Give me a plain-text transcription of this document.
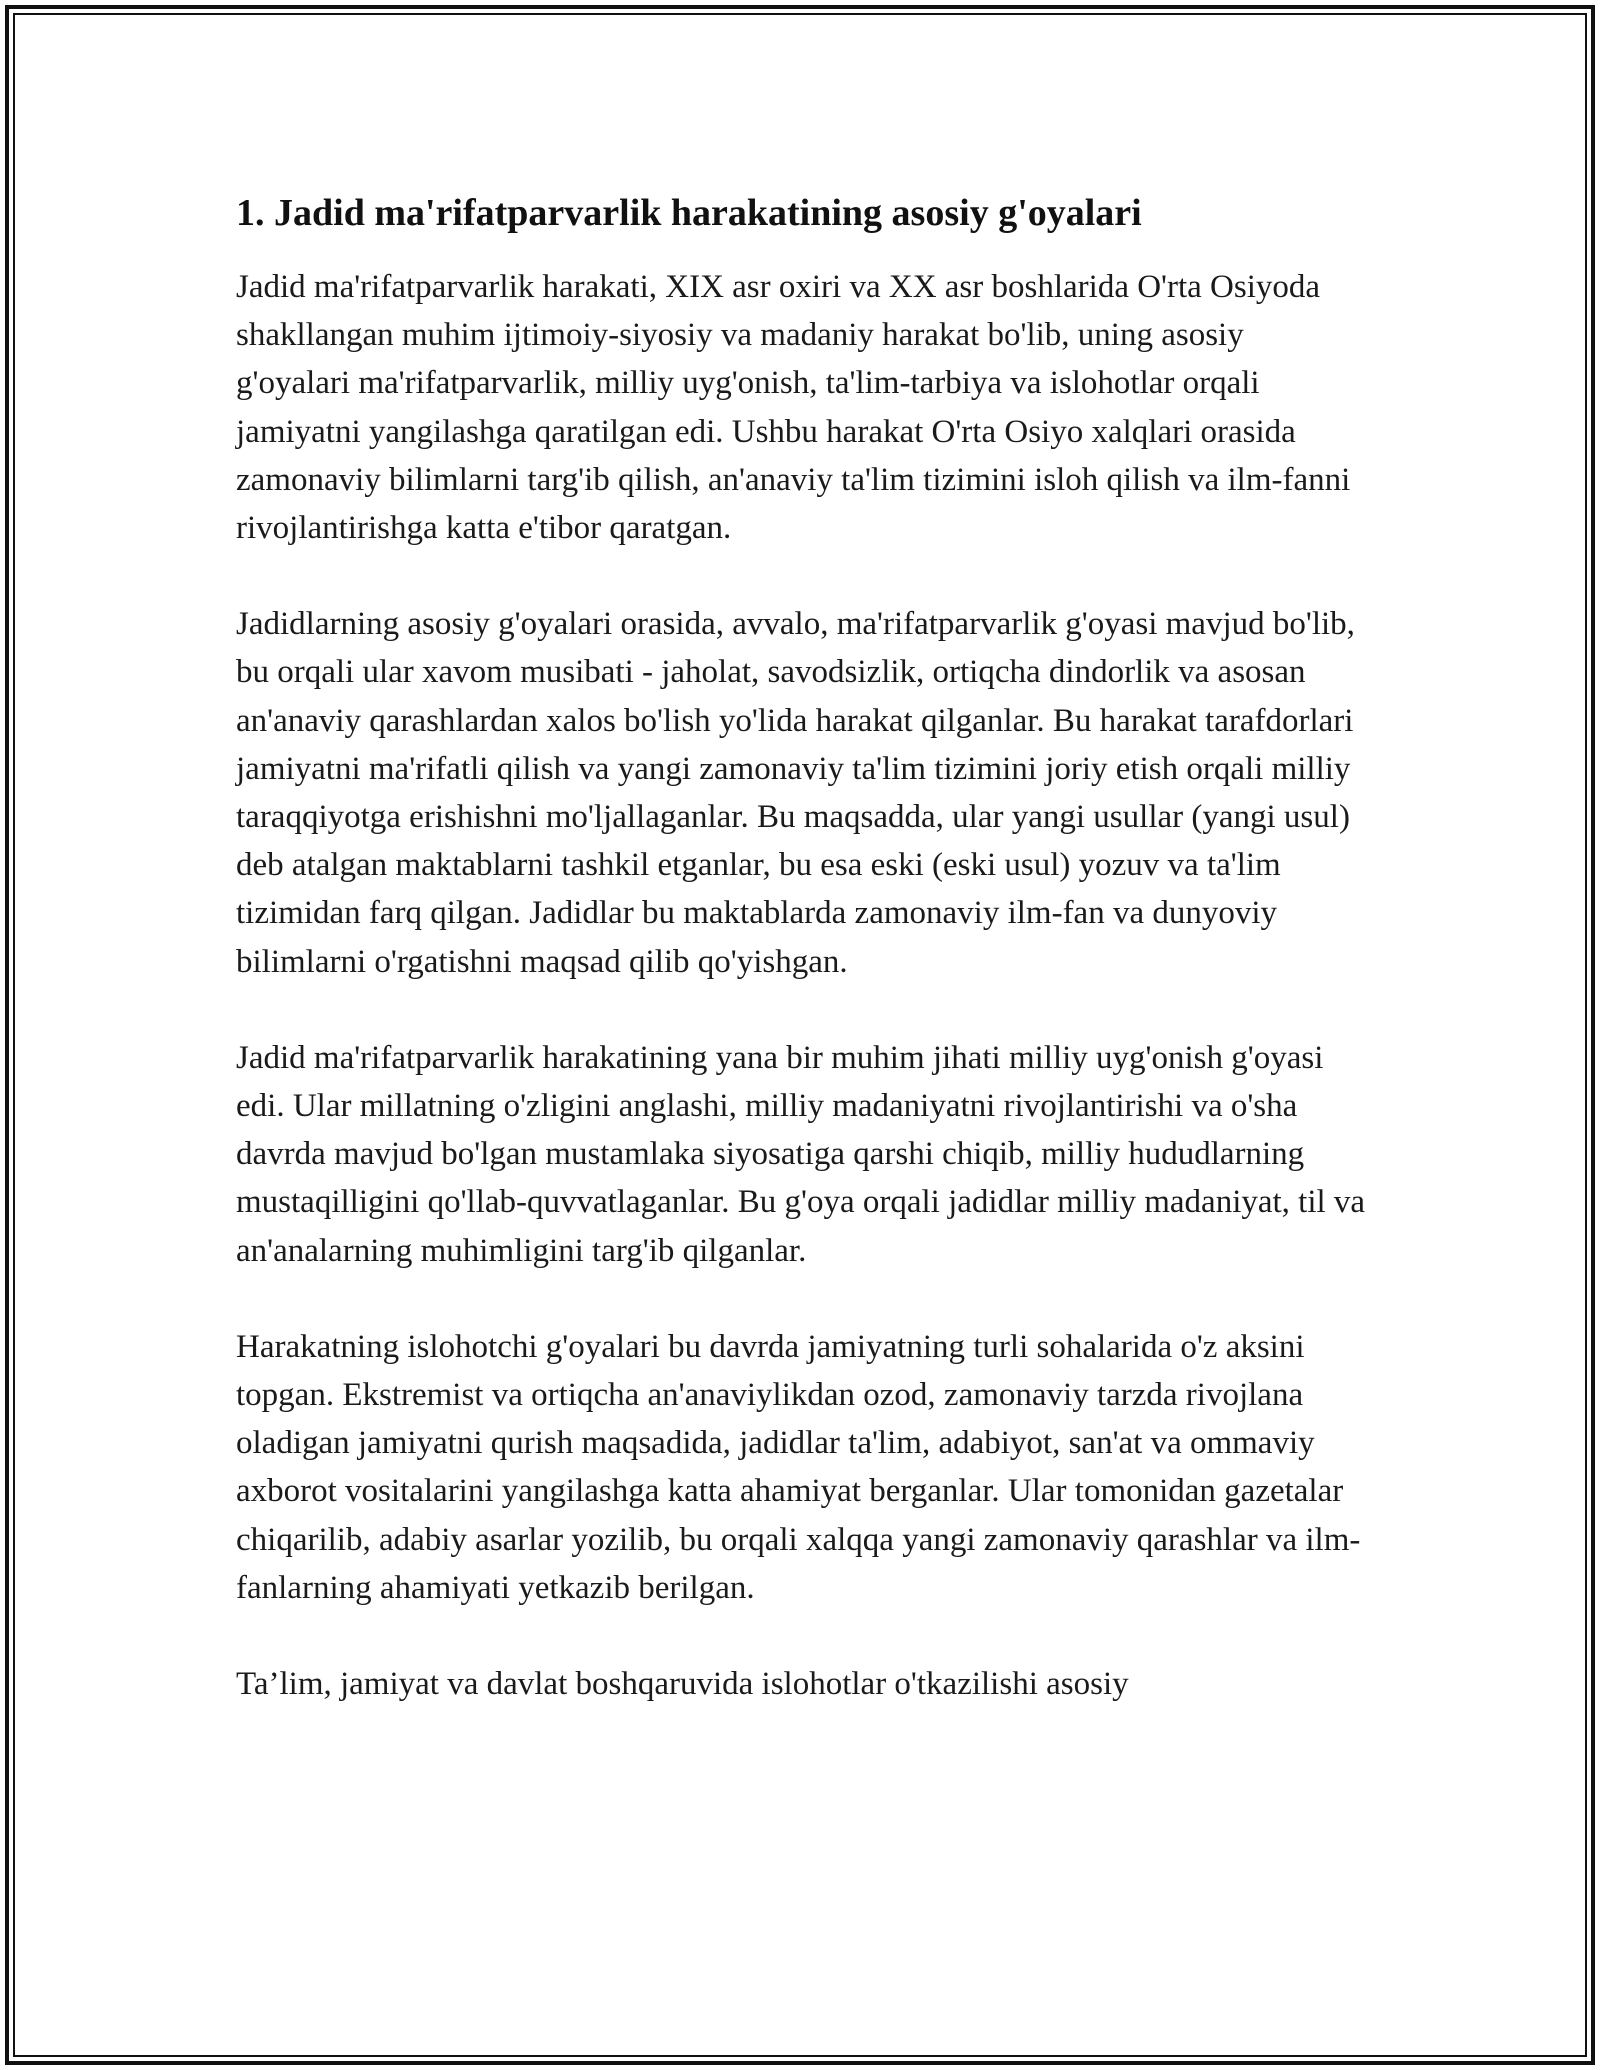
1. Jadid ma'rifatparvarlik harakatining asosiy g'oyalari

Jadid ma'rifatparvarlik harakati, XIX asr oxiri va XX asr boshlarida O'rta Osiyoda shakllangan muhim ijtimoiy-siyosiy va madaniy harakat bo'lib, uning asosiy g'oyalari ma'rifatparvarlik, milliy uyg'onish, ta'lim-tarbiya va islohotlar orqali jamiyatni yangilashga qaratilgan edi. Ushbu harakat O'rta Osiyo xalqlari orasida zamonaviy bilimlarni targ'ib qilish, an'anaviy ta'lim tizimini isloh qilish va ilm-fanni rivojlantirishga katta e'tibor qaratgan.

Jadidlarning asosiy g'oyalari orasida, avvalo, ma'rifatparvarlik g'oyasi mavjud bo'lib, bu orqali ular xavom musibati - jaholat, savodsizlik, ortiqcha dindorlik va asosan an'anaviy qarashlardan xalos bo'lish yo'lida harakat qilganlar. Bu harakat tarafdorlari jamiyatni ma'rifatli qilish va yangi zamonaviy ta'lim tizimini joriy etish orqali milliy taraqqiyotga erishishni mo'ljallaganlar. Bu maqsadda, ular yangi usullar (yangi usul) deb atalgan maktablarni tashkil etganlar, bu esa eski (eski usul) yozuv va ta'lim tizimidan farq qilgan. Jadidlar bu maktablarda zamonaviy ilm-fan va dunyoviy bilimlarni o'rgatishni maqsad qilib qo'yishgan.

Jadid ma'rifatparvarlik harakatining yana bir muhim jihati milliy uyg'onish g'oyasi edi. Ular millatning o'zligini anglashi, milliy madaniyatni rivojlantirishi va o'sha davrda mavjud bo'lgan mustamlaka siyosatiga qarshi chiqib, milliy hududlarning mustaqilligini qo'llab-quvvatlaganlar. Bu g'oya orqali jadidlar milliy madaniyat, til va an'analarning muhimligini targ'ib qilganlar.

Harakatning islohotchi g'oyalari bu davrda jamiyatning turli sohalarida o'z aksini topgan. Ekstremist va ortiqcha an'anaviylikdan ozod, zamonaviy tarzda rivojlana oladigan jamiyatni qurish maqsadida, jadidlar ta'lim, adabiyot, san'at va ommaviy axborot vositalarini yangilashga katta ahamiyat berganlar. Ular tomonidan gazetalar chiqarilib, adabiy asarlar yozilib, bu orqali xalqqa yangi zamonaviy qarashlar va ilm-fanlarning ahamiyati yetkazib berilgan.

Ta’lim, jamiyat va davlat boshqaruvida islohotlar o'tkazilishi asosiy
